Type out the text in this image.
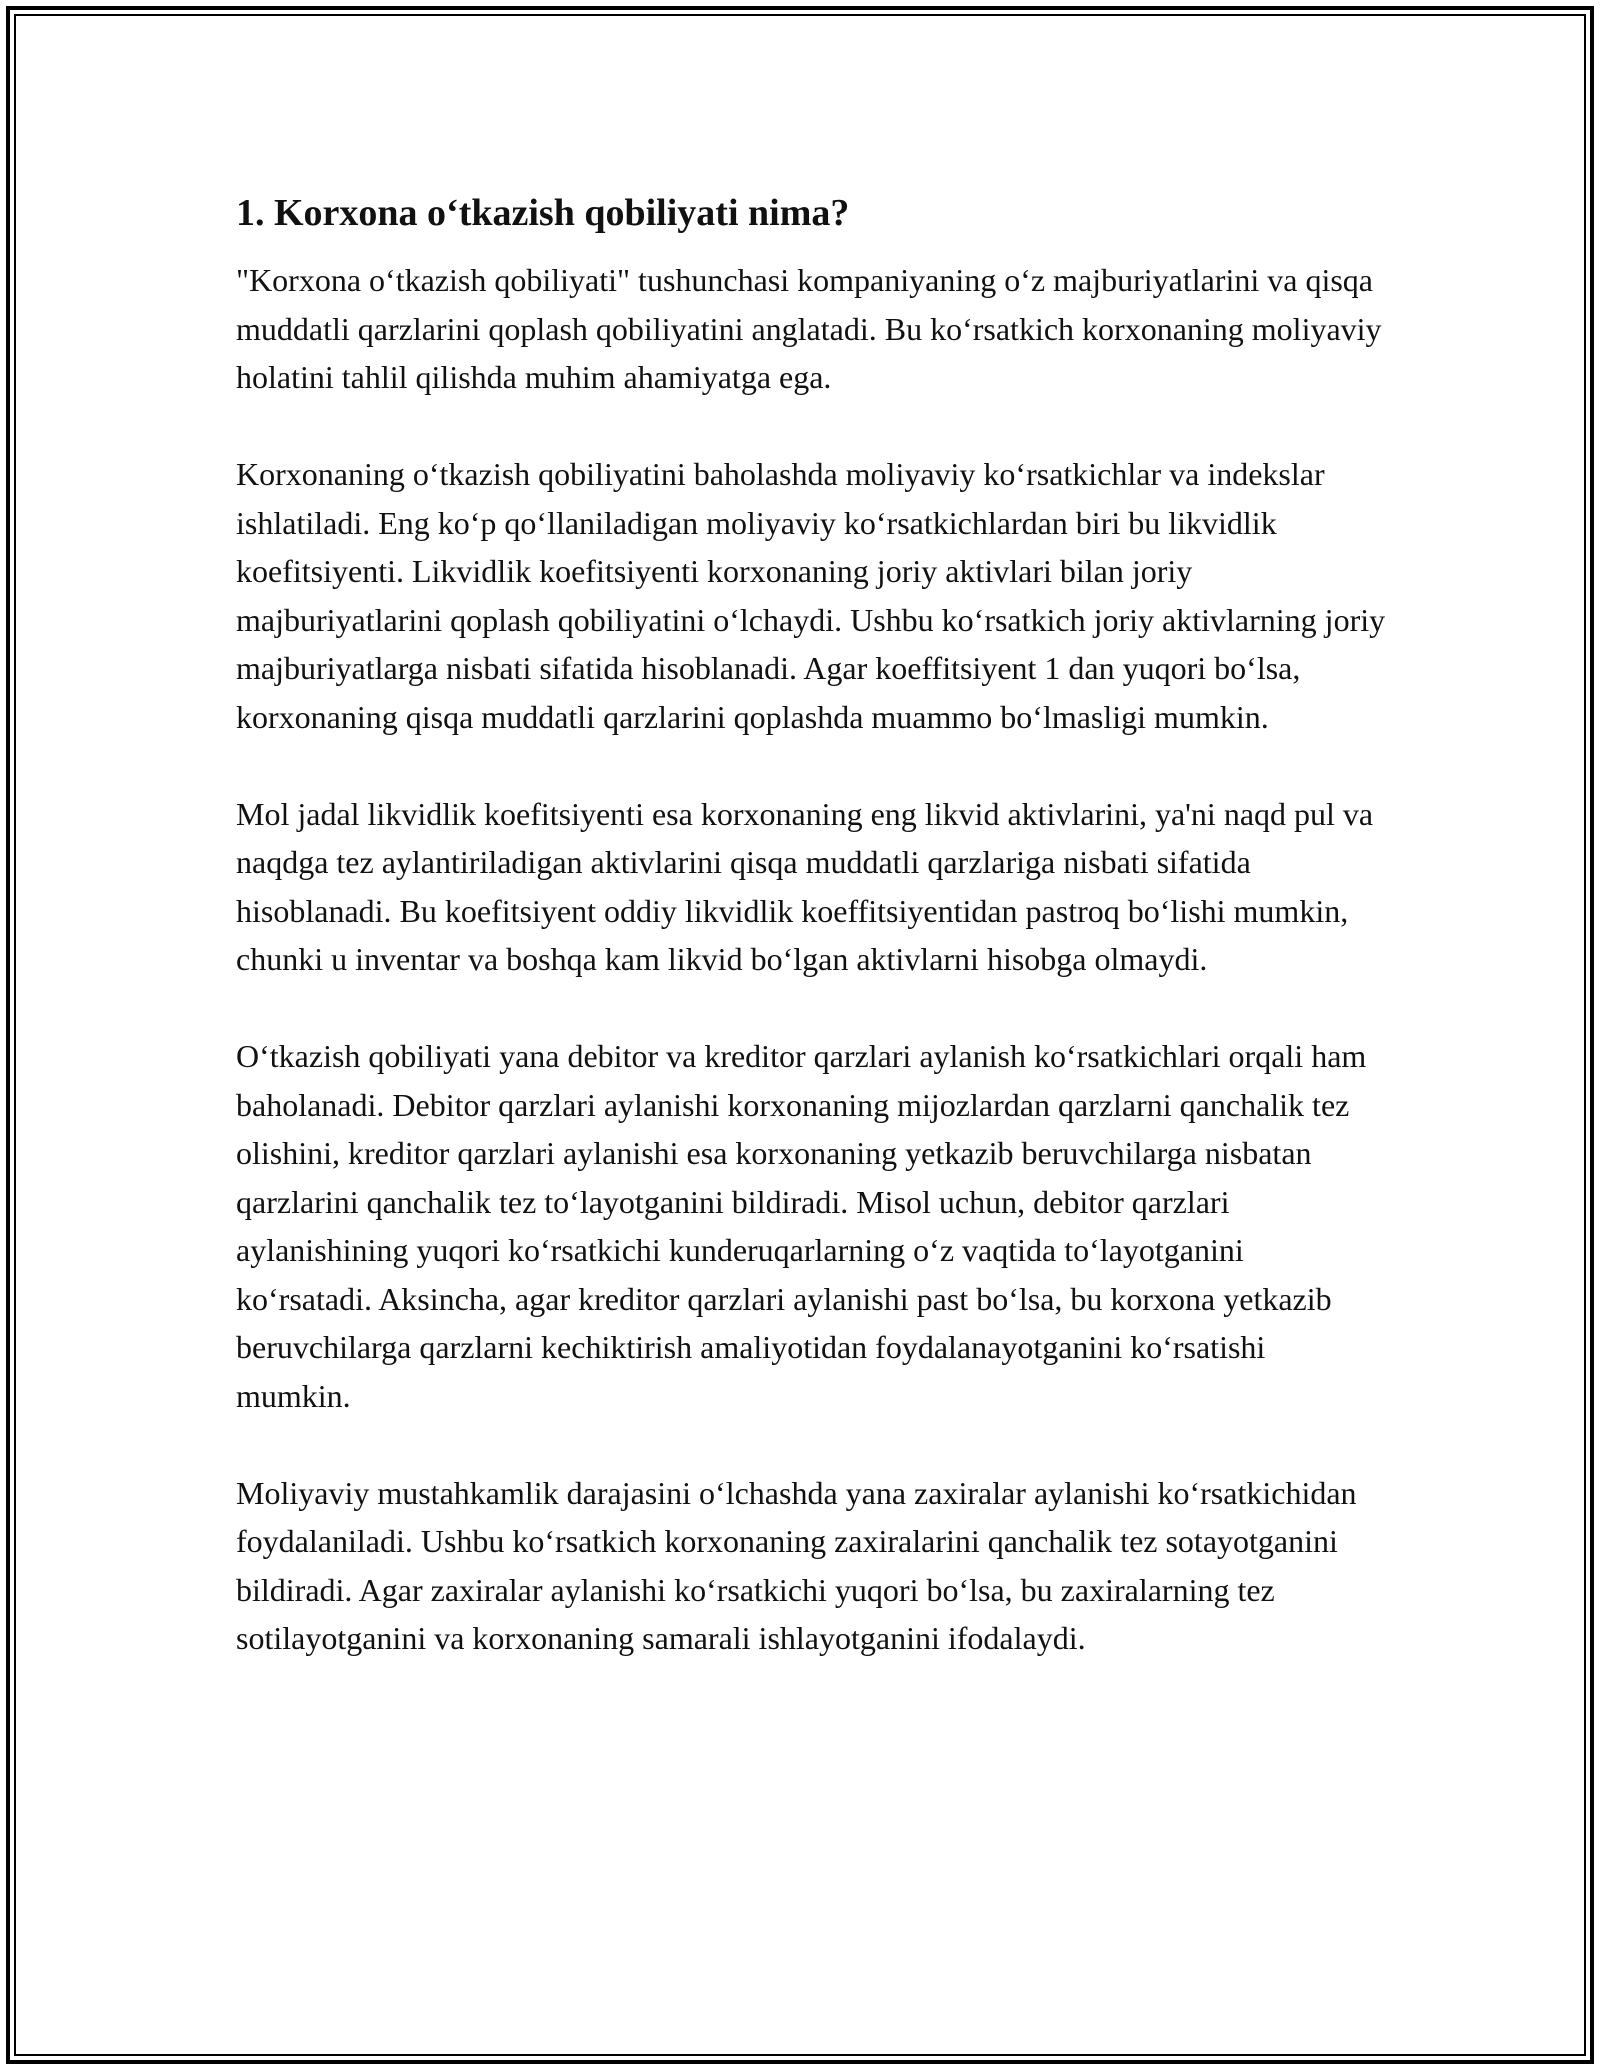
1. Korxona oʻtkazish qobiliyati nima?

"Korxona oʻtkazish qobiliyati" tushunchasi kompaniyaning oʻz majburiyatlarini va qisqa muddatli qarzlarini qoplash qobiliyatini anglatadi. Bu koʻrsatkich korxonaning moliyaviy holatini tahlil qilishda muhim ahamiyatga ega.

Korxonaning oʻtkazish qobiliyatini baholashda moliyaviy koʻrsatkichlar va indekslar ishlatiladi. Eng koʻp qoʻllaniladigan moliyaviy koʻrsatkichlardan biri bu likvidlik koefitsiyenti. Likvidlik koefitsiyenti korxonaning joriy aktivlari bilan joriy majburiyatlarini qoplash qobiliyatini oʻlchaydi. Ushbu koʻrsatkich joriy aktivlarning joriy majburiyatlarga nisbati sifatida hisoblanadi. Agar koeffitsiyent 1 dan yuqori boʻlsa, korxonaning qisqa muddatli qarzlarini qoplashda muammo boʻlmasligi mumkin.

Mol jadal likvidlik koefitsiyenti esa korxonaning eng likvid aktivlarini, ya'ni naqd pul va naqdga tez aylantiriladigan aktivlarini qisqa muddatli qarzlariga nisbati sifatida hisoblanadi. Bu koefitsiyent oddiy likvidlik koeffitsiyentidan pastroq boʻlishi mumkin, chunki u inventar va boshqa kam likvid boʻlgan aktivlarni hisobga olmaydi.

Oʻtkazish qobiliyati yana debitor va kreditor qarzlari aylanish koʻrsatkichlari orqali ham baholanadi. Debitor qarzlari aylanishi korxonaning mijozlardan qarzlarni qanchalik tez olishini, kreditor qarzlari aylanishi esa korxonaning yetkazib beruvchilarga nisbatan qarzlarini qanchalik tez toʻlayotganini bildiradi. Misol uchun, debitor qarzlari aylanishining yuqori koʻrsatkichi kunderuqarlarning oʻz vaqtida toʻlayotganini koʻrsatadi. Aksincha, agar kreditor qarzlari aylanishi past boʻlsa, bu korxona yetkazib beruvchilarga qarzlarni kechiktirish amaliyotidan foydalanayotganini koʻrsatishi mumkin.

Moliyaviy mustahkamlik darajasini oʻlchashda yana zaxiralar aylanishi koʻrsatkichidan foydalaniladi. Ushbu koʻrsatkich korxonaning zaxiralarini qanchalik tez sotayotganini bildiradi. Agar zaxiralar aylanishi koʻrsatkichi yuqori boʻlsa, bu zaxiralarning tez sotilayotganini va korxonaning samarali ishlayotganini ifodalaydi.
